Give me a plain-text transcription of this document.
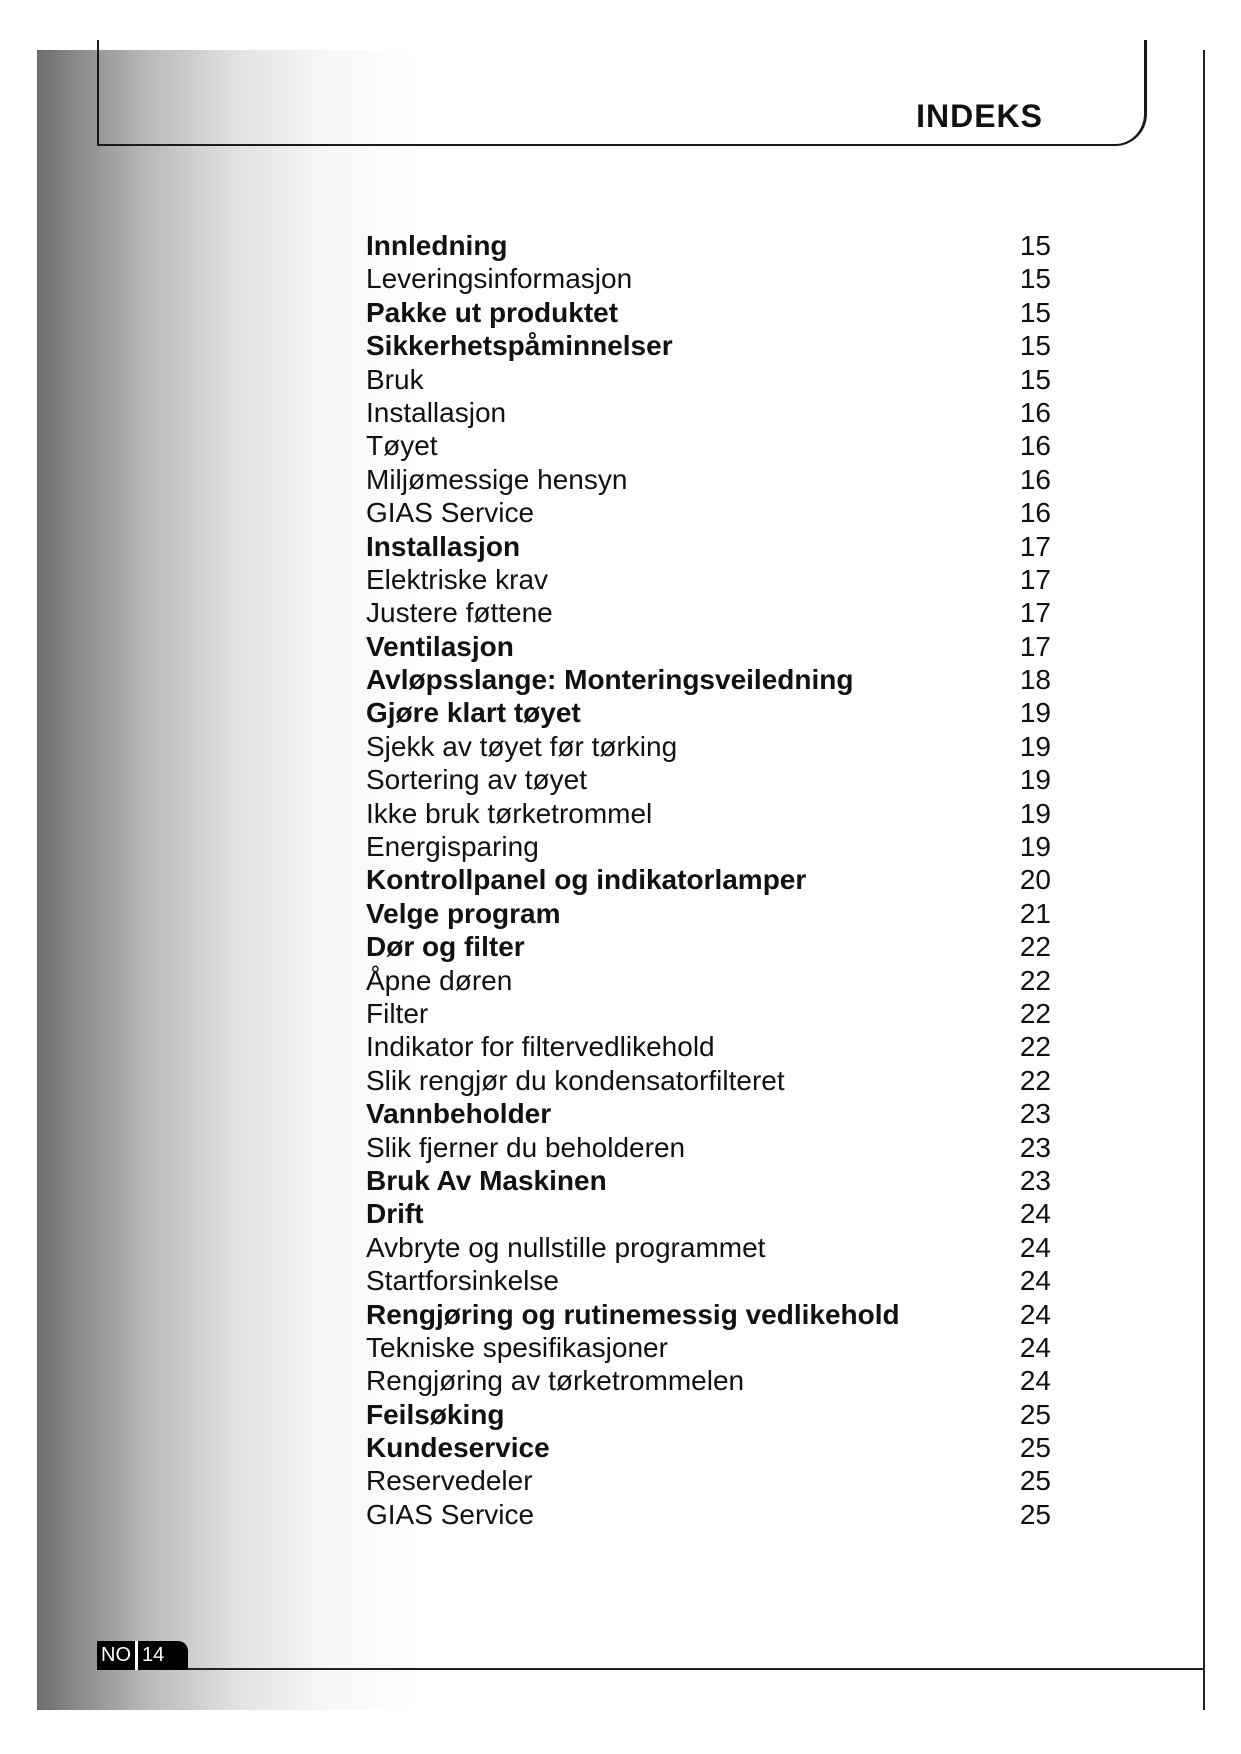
INDEKS
Innledning	15
Leveringsinformasjon	15
Pakke ut produktet	15
Sikkerhetspåminnelser	15
Bruk	15
Installasjon	16
Tøyet	16
Miljømessige hensyn	16
GIAS Service	16
Installasjon	17
Elektriske krav	17
Justere føttene	17
Ventilasjon	17
Avløpsslange: Monteringsveiledning	18
Gjøre klart tøyet	19
Sjekk av tøyet før tørking	19
Sortering av tøyet	19
Ikke bruk tørketrommel	19
Energisparing	19
Kontrollpanel og indikatorlamper	20
Velge program	21
Dør og filter	22
Åpne døren	22
Filter	22
Indikator for filtervedlikehold	22
Slik rengjør du kondensatorfilteret	22
Vannbeholder	23
Slik fjerner du beholderen	23
Bruk Av Maskinen	23
Drift	24
Avbryte og nullstille programmet	24
Startforsinkelse	24
Rengjøring og rutinemessig vedlikehold	24
Tekniske spesifikasjoner	24
Rengjøring av tørketrommelen	24
Feilsøking	25
Kundeservice	25
Reservedeler	25
GIAS Service	25
NO 14
